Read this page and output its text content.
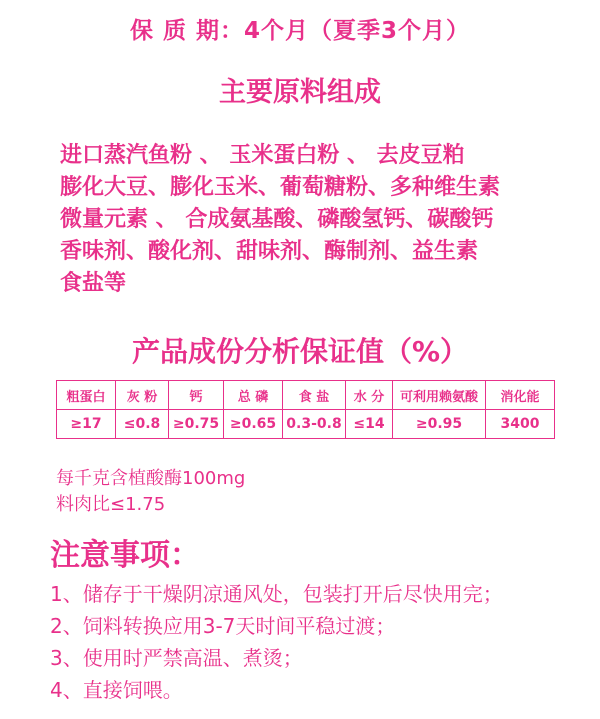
保 质 期：4个月（夏季3个月）
主要原料组成
进口蒸汽鱼粉 、 玉米蛋白粉 、 去皮豆粕
膨化大豆、膨化玉米、葡萄糖粉、多种维生素
微量元素 、 合成氨基酸、磷酸氢钙、碳酸钙
香味剂、酸化剂、甜味剂、酶制剂、益生素
食盐等
产品成份分析保证值（%）
粗蛋白	灰 粉	钙	总 磷	食 盐	水 分	可利用赖氨酸	消化能
≥17	≤0.8	≥0.75	≥0.65	0.3-0.8	≤14	≥0.95	3400
每千克含植酸酶100mg
料肉比≤1.75
注意事项：
1、储存于干燥阴凉通风处，包装打开后尽快用完；
2、饲料转换应用3-7天时间平稳过渡；
3、使用时严禁高温、煮烫；
4、直接饲喂。
